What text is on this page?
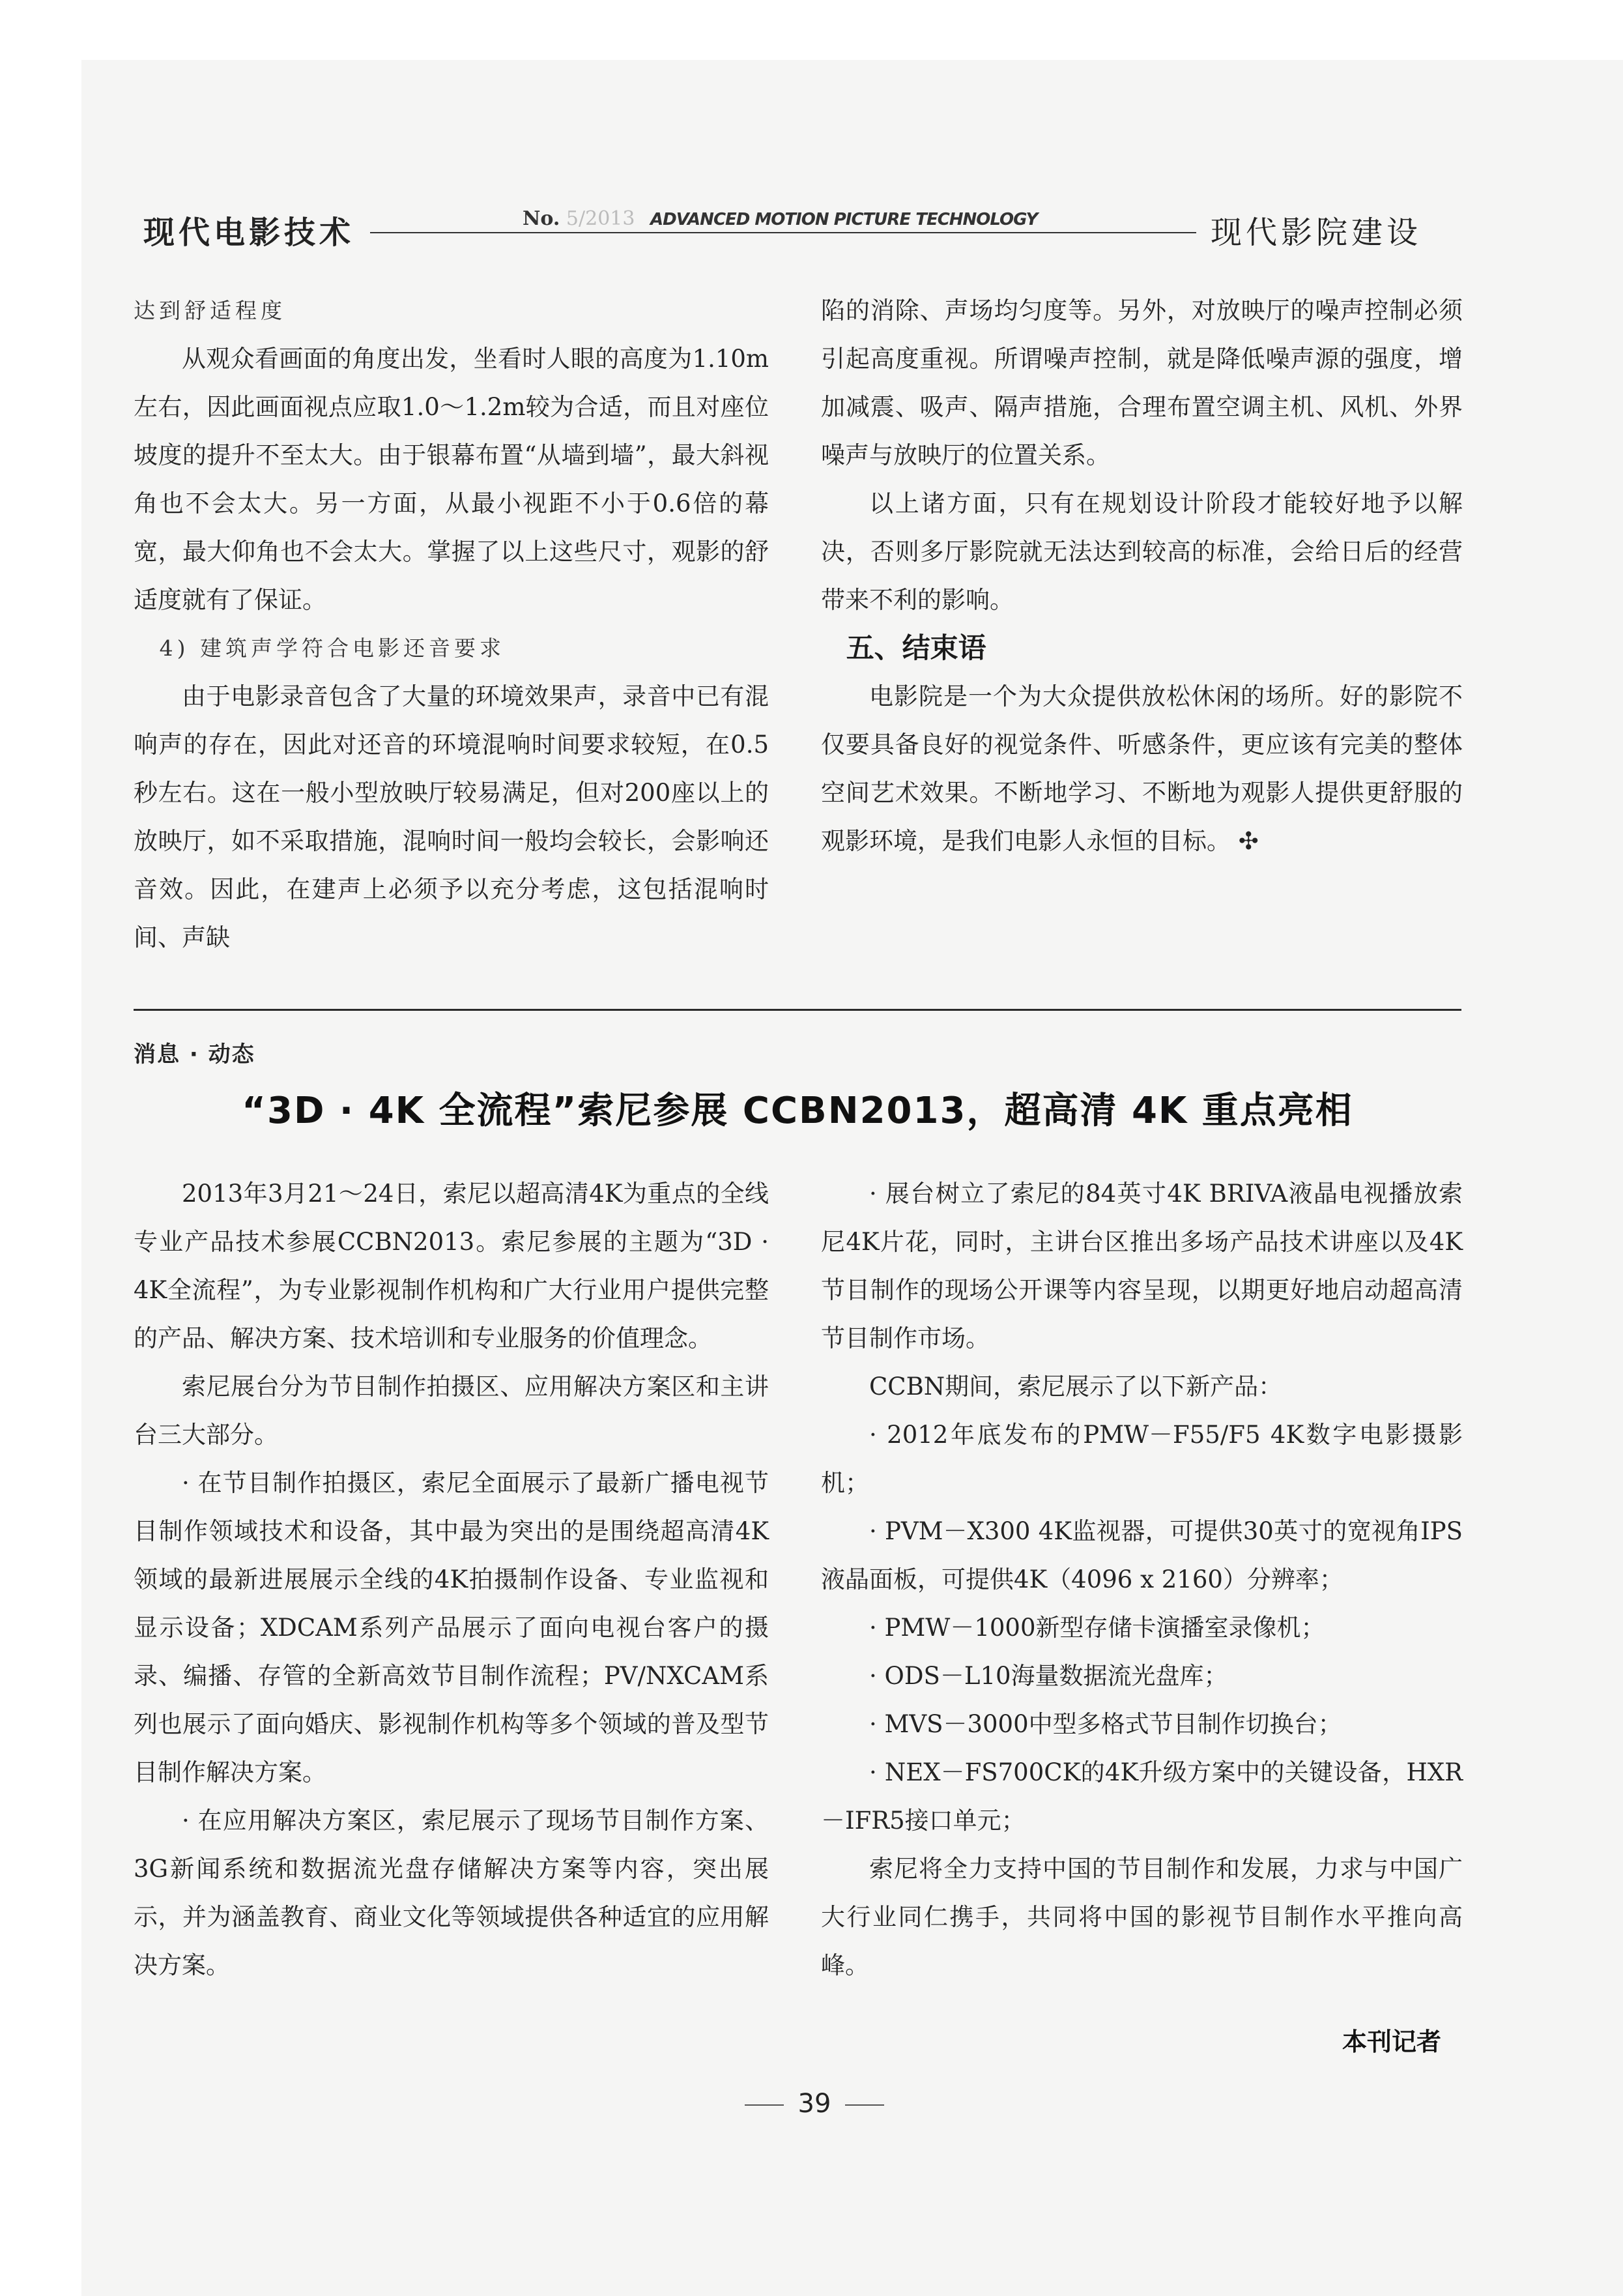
现代电影技术	No. 5/2013 ADVANCED MOTION PICTURE TECHNOLOGY	现代影院建设

达到舒适程度

从观众看画面的角度出发，坐看时人眼的高度为1.10m左右，因此画面视点应取1.0～1.2m较为合适，而且对座位坡度的提升不至太大。由于银幕布置“从墙到墙”，最大斜视角也不会太大。另一方面，从最小视距不小于0.6倍的幕宽，最大仰角也不会太大。掌握了以上这些尺寸，观影的舒适度就有了保证。

4) 建筑声学符合电影还音要求

由于电影录音包含了大量的环境效果声，录音中已有混响声的存在，因此对还音的环境混响时间要求较短，在0.5秒左右。这在一般小型放映厅较易满足，但对200座以上的放映厅，如不采取措施，混响时间一般均会较长，会影响还音效。因此，在建声上必须予以充分考虑，这包括混响时间、声缺

陷的消除、声场均匀度等。另外，对放映厅的噪声控制必须引起高度重视。所谓噪声控制，就是降低噪声源的强度，增加减震、吸声、隔声措施，合理布置空调主机、风机、外界噪声与放映厅的位置关系。

以上诸方面，只有在规划设计阶段才能较好地予以解决，否则多厅影院就无法达到较高的标准，会给日后的经营带来不利的影响。

五、结束语

电影院是一个为大众提供放松休闲的场所。好的影院不仅要具备良好的视觉条件、听感条件，更应该有完美的整体空间艺术效果。不断地学习、不断地为观影人提供更舒服的观影环境，是我们电影人永恒的目标。 ✣

消息 · 动态
“3D · 4K 全流程”索尼参展 CCBN2013，超高清 4K 重点亮相

2013年3月21～24日，索尼以超高清4K为重点的全线专业产品技术参展CCBN2013。索尼参展的主题为“3D · 4K全流程”，为专业影视制作机构和广大行业用户提供完整的产品、解决方案、技术培训和专业服务的价值理念。

索尼展台分为节目制作拍摄区、应用解决方案区和主讲台三大部分。

· 在节目制作拍摄区，索尼全面展示了最新广播电视节目制作领域技术和设备，其中最为突出的是围绕超高清4K领域的最新进展展示全线的4K拍摄制作设备、专业监视和显示设备；XDCAM系列产品展示了面向电视台客户的摄录、编播、存管的全新高效节目制作流程；PV/NXCAM系列也展示了面向婚庆、影视制作机构等多个领域的普及型节目制作解决方案。

· 在应用解决方案区，索尼展示了现场节目制作方案、3G新闻系统和数据流光盘存储解决方案等内容，突出展示，并为涵盖教育、商业文化等领域提供各种适宜的应用解决方案。

· 展台树立了索尼的84英寸4K BRIVA液晶电视播放索尼4K片花，同时，主讲台区推出多场产品技术讲座以及4K节目制作的现场公开课等内容呈现，以期更好地启动超高清节目制作市场。

CCBN期间，索尼展示了以下新产品：

· 2012年底发布的PMW－F55/F5 4K数字电影摄影机；

· PVM－X300 4K监视器，可提供30英寸的宽视角IPS液晶面板，可提供4K（4096 x 2160）分辨率；

· PMW－1000新型存储卡演播室录像机；

· ODS－L10海量数据流光盘库；

· MVS－3000中型多格式节目制作切换台；

· NEX－FS700CK的4K升级方案中的关键设备，HXR－IFR5接口单元；

索尼将全力支持中国的节目制作和发展，力求与中国广大行业同仁携手，共同将中国的影视节目制作水平推向高峰。

本刊记者
39
